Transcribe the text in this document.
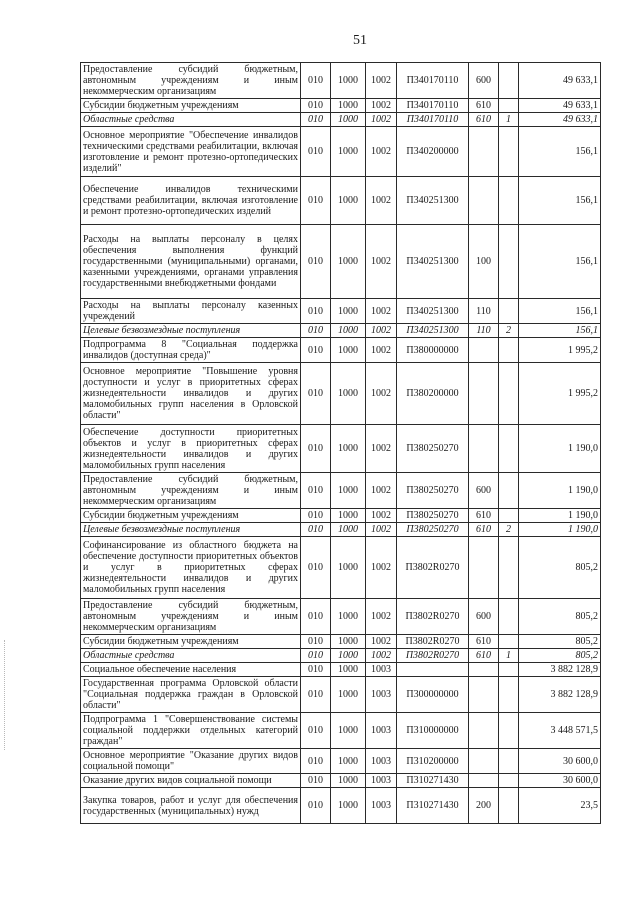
51
Предоставление субсидий бюджетным, автономным учреждениям и иным некоммерческим организациям	010	1000	1002	П340170110	600		49 633,1
Субсидии бюджетным учреждениям	010	1000	1002	П340170110	610		49 633,1
Областные средства	010	1000	1002	П340170110	610	1	49 633,1
Основное мероприятие "Обеспечение инвалидов техническими средствами реабилитации, включая изготовление и ремонт протезно-ортопедических изделий"	010	1000	1002	П340200000			156,1
Обеспечение инвалидов техническими средствами реабилитации, включая изготовление и ремонт протезно-ортопедических изделий	010	1000	1002	П340251300			156,1
Расходы на выплаты персоналу в целях обеспечения выполнения функций государственными (муниципальными) органами, казенными учреждениями, органами управления государственными внебюджетными фондами	010	1000	1002	П340251300	100		156,1
Расходы на выплаты персоналу казенных учреждений	010	1000	1002	П340251300	110		156,1
Целевые безвозмездные поступления	010	1000	1002	П340251300	110	2	156,1
Подпрограмма 8 "Социальная поддержка инвалидов (доступная среда)"	010	1000	1002	П380000000			1 995,2
Основное мероприятие "Повышение уровня доступности и услуг в приоритетных сферах жизнедеятельности инвалидов и других маломобильных групп населения в Орловской области"	010	1000	1002	П380200000			1 995,2
Обеспечение доступности приоритетных объектов и услуг в приоритетных сферах жизнедеятельности инвалидов и других маломобильных групп населения	010	1000	1002	П380250270			1 190,0
Предоставление субсидий бюджетным, автономным учреждениям и иным некоммерческим организациям	010	1000	1002	П380250270	600		1 190,0
Субсидии бюджетным учреждениям	010	1000	1002	П380250270	610		1 190,0
Целевые безвозмездные поступления	010	1000	1002	П380250270	610	2	1 190,0
Софинансирование из областного бюджета на обеспечение доступности приоритетных объектов и услуг в приоритетных сферах жизнедеятельности инвалидов и других маломобильных групп населения	010	1000	1002	П3802R0270			805,2
Предоставление субсидий бюджетным, автономным учреждениям и иным некоммерческим организациям	010	1000	1002	П3802R0270	600		805,2
Субсидии бюджетным учреждениям	010	1000	1002	П3802R0270	610		805,2
Областные средства	010	1000	1002	П3802R0270	610	1	805,2
Социальное обеспечение населения	010	1000	1003				3 882 128,9
Государственная программа Орловской области "Социальная поддержка граждан в Орловской области"	010	1000	1003	П300000000			3 882 128,9
Подпрограмма 1 "Совершенствование системы социальной поддержки отдельных категорий граждан"	010	1000	1003	П310000000			3 448 571,5
Основное мероприятие "Оказание других видов социальной помощи"	010	1000	1003	П310200000			30 600,0
Оказание других видов социальной помощи	010	1000	1003	П310271430			30 600,0
Закупка товаров, работ и услуг для обеспечения государственных (муниципальных) нужд	010	1000	1003	П310271430	200		23,5
